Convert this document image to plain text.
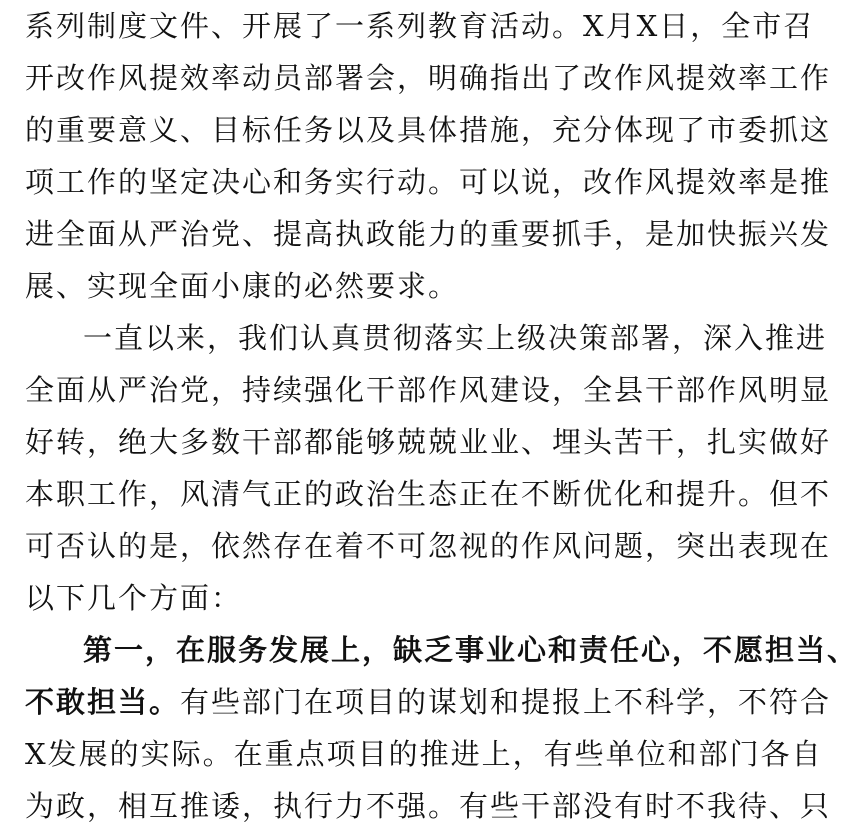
系列制度文件、开展了一系列教育活动。X月X日，全市召
开改作风提效率动员部署会，明确指出了改作风提效率工作
的重要意义、目标任务以及具体措施，充分体现了市委抓这
项工作的坚定决心和务实行动。可以说，改作风提效率是推
进全面从严治党、提高执政能力的重要抓手，是加快振兴发
展、实现全面小康的必然要求。
一直以来，我们认真贯彻落实上级决策部署，深入推进
全面从严治党，持续强化干部作风建设，全县干部作风明显
好转，绝大多数干部都能够兢兢业业、埋头苦干，扎实做好
本职工作，风清气正的政治生态正在不断优化和提升。但不
可否认的是，依然存在着不可忽视的作风问题，突出表现在
以下几个方面：
第一，在服务发展上，缺乏事业心和责任心，不愿担当、
不敢担当。有些部门在项目的谋划和提报上不科学，不符合
X发展的实际。在重点项目的推进上，有些单位和部门各自
为政，相互推诿，执行力不强。有些干部没有时不我待、只
